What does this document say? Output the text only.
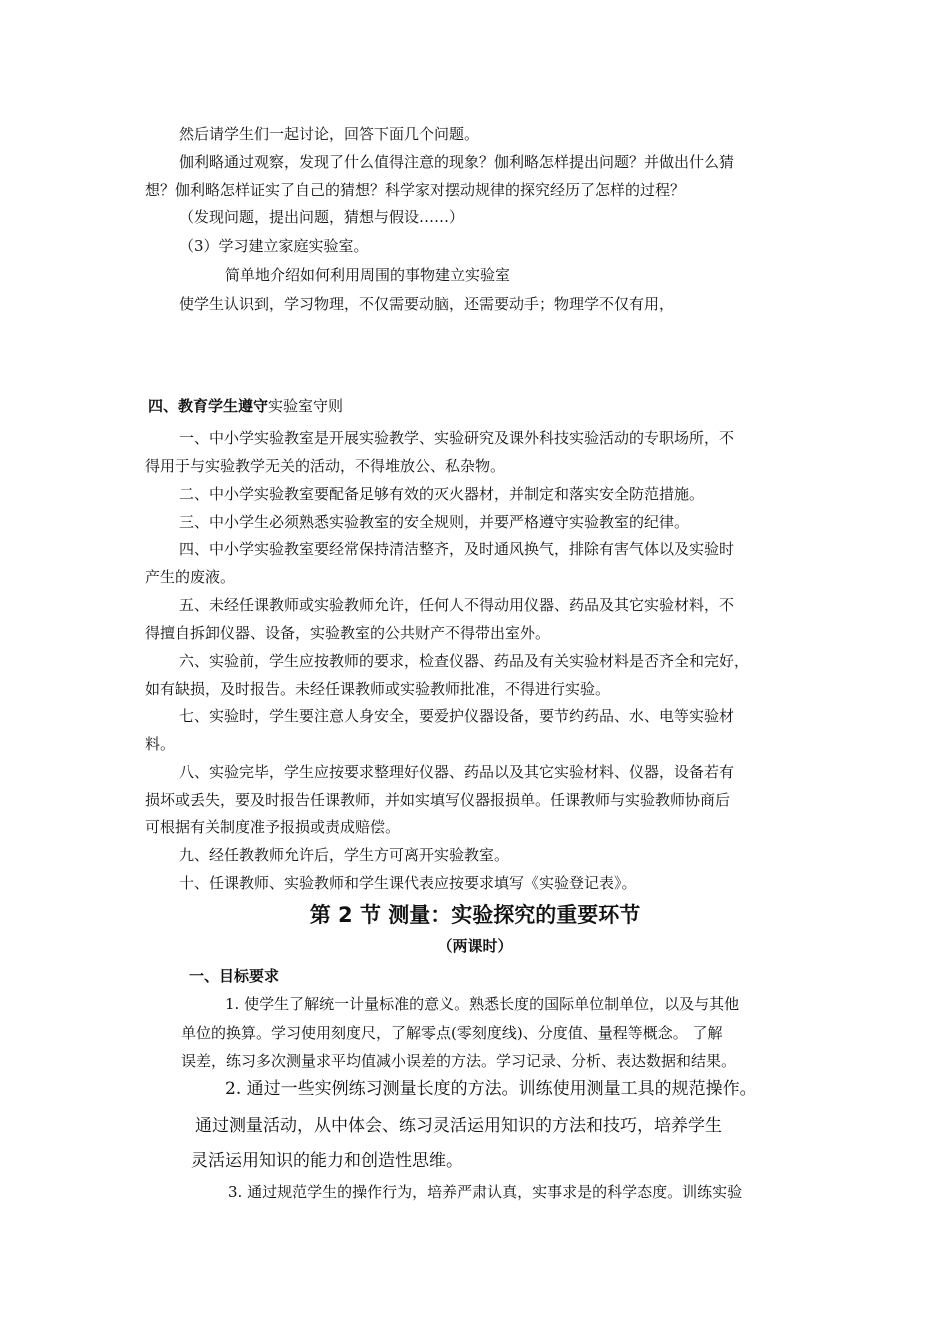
然后请学生们一起讨论，回答下面几个问题。
伽利略通过观察，发现了什么值得注意的现象？伽利略怎样提出问题？并做出什么猜
想？伽利略怎样证实了自己的猜想？科学家对摆动规律的探究经历了怎样的过程？
（发现问题，提出问题，猜想与假设……）
（3）学习建立家庭实验室。
简单地介绍如何利用周围的事物建立实验室
使学生认识到，学习物理，不仅需要动脑，还需要动手；物理学不仅有用，
四、教育学生遵守实验室守则
一、中小学实验教室是开展实验教学、实验研究及课外科技实验活动的专职场所，不
得用于与实验教学无关的活动，不得堆放公、私杂物。
二、中小学实验教室要配备足够有效的灭火器材，并制定和落实安全防范措施。
三、中小学生必须熟悉实验教室的安全规则，并要严格遵守实验教室的纪律。
四、中小学实验教室要经常保持清洁整齐，及时通风换气，排除有害气体以及实验时
产生的废液。
五、未经任课教师或实验教师允许，任何人不得动用仪器、药品及其它实验材料，不
得擅自拆卸仪器、设备，实验教室的公共财产不得带出室外。
六、实验前，学生应按教师的要求，检查仪器、药品及有关实验材料是否齐全和完好，
如有缺损，及时报告。未经任课教师或实验教师批准，不得进行实验。
七、实验时，学生要注意人身安全，要爱护仪器设备，要节约药品、水、电等实验材
料。
八、实验完毕，学生应按要求整理好仪器、药品以及其它实验材料、仪器，设备若有
损坏或丢失，要及时报告任课教师，并如实填写仪器报损单。任课教师与实验教师协商后
可根据有关制度准予报损或责成赔偿。
九、经任教教师允许后，学生方可离开实验教室。
十、任课教师、实验教师和学生课代表应按要求填写《实验登记表》。
第 2 节 测量：实验探究的重要环节
（两课时）
一、目标要求
1. 使学生了解统一计量标准的意义。熟悉长度的国际单位制单位，以及与其他
单位的换算。学习使用刻度尺，了解零点(零刻度线)、分度值、量程等概念。 了解
误差，练习多次测量求平均值减小误差的方法。学习记录、分析、表达数据和结果。
2. 通过一些实例练习测量长度的方法。训练使用测量工具的规范操作。
通过测量活动，从中体会、练习灵活运用知识的方法和技巧，培养学生
灵活运用知识的能力和创造性思维。
3. 通过规范学生的操作行为，培养严肃认真，实事求是的科学态度。训练实验
